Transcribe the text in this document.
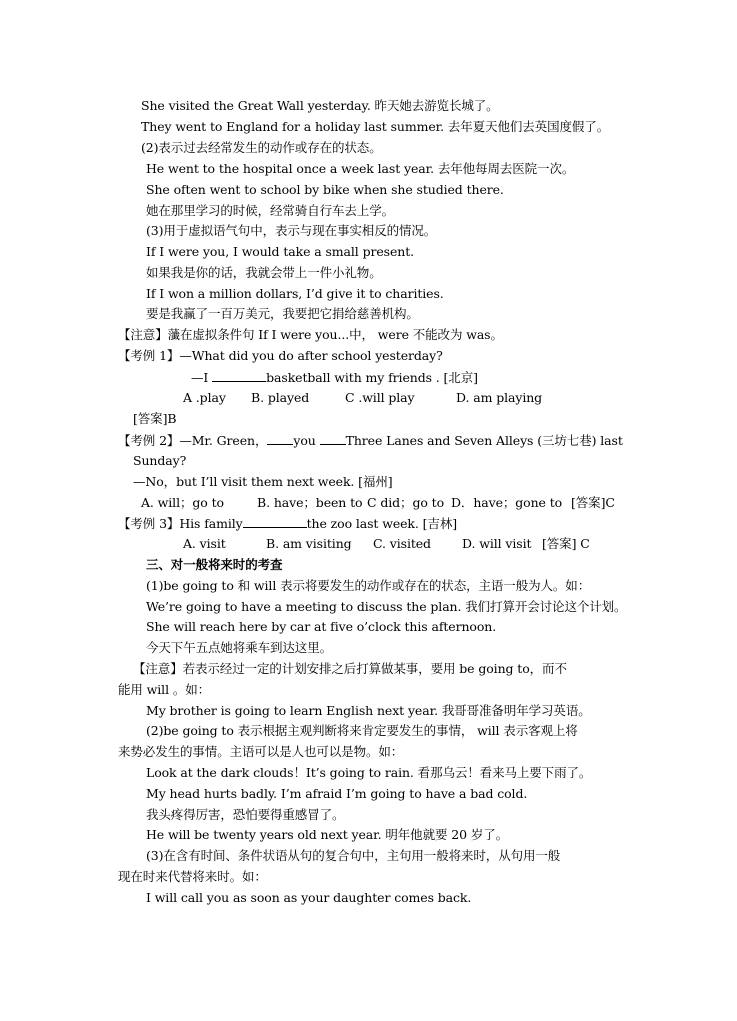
She visited the Great Wall yesterday. 昨天她去游览长城了。
They went to England for a holiday last summer. 去年夏天他们去英国度假了。
(2)表示过去经常发生的动作或存在的状态。
He went to the hospital once a week last year. 去年他每周去医院一次。
She often went to school by bike when she studied there.
她在那里学习的时候，经常骑自行车去上学。
(3)用于虚拟语气句中，表示与现在事实相反的情况。
If I were you, I would take a small present.
如果我是你的话，我就会带上一件小礼物。
If I won a million dollars, I’d give it to charities.
要是我赢了一百万美元，我要把它捐给慈善机构。
【注意】虃在虚拟条件句 If I were you...中， were 不能改为 was。
【考例 1】—What did you do after school yesterday?
—I	basketball with my friends . [北京]
A .play B. played	C .will play	D. am playing
[答案]B
【考例 2】—Mr. Green， you Three Lanes and Seven Alleys (三坊七巷) last
Sunday?
—No，but I’ll visit them next week. [福州]
A. will；go to	B. have；been to C did；go to D．have；gone to [答案]C
【考例 3】His family	the zoo last week. [吉林]
A. visit	B. am visiting C. visited D. will visit [答案] C
三、对一般将来时的考查
(1)be going to 和 will 表示将要发生的动作或存在的状态，主语一般为人。如：
We’re going to have a meeting to discuss the plan. 我们打算开会讨论这个计划。
She will reach here by car at five o’clock this afternoon.
今天下午五点她将乘车到达这里。
【注意】若表示经过一定的计划安排之后打算做某事，要用 be going to，而不
能用 will 。如：
My brother is going to learn English next year. 我哥哥准备明年学习英语。
(2)be going to 表示根据主观判断将来肯定要发生的事情， will 表示客观上将
来势必发生的事情。主语可以是人也可以是物。如：
Look at the dark clouds！It’s going to rain. 看那乌云！看来马上要下雨了。
My head hurts badly. I’m afraid I’m going to have a bad cold.
我头疼得厉害，恐怕要得重感冒了。
He will be twenty years old next year. 明年他就要 20 岁了。
(3)在含有时间、条件状语从句的复合句中，主句用一般将来时，从句用一般
现在时来代替将来时。如：
I will call you as soon as your daughter comes back.
